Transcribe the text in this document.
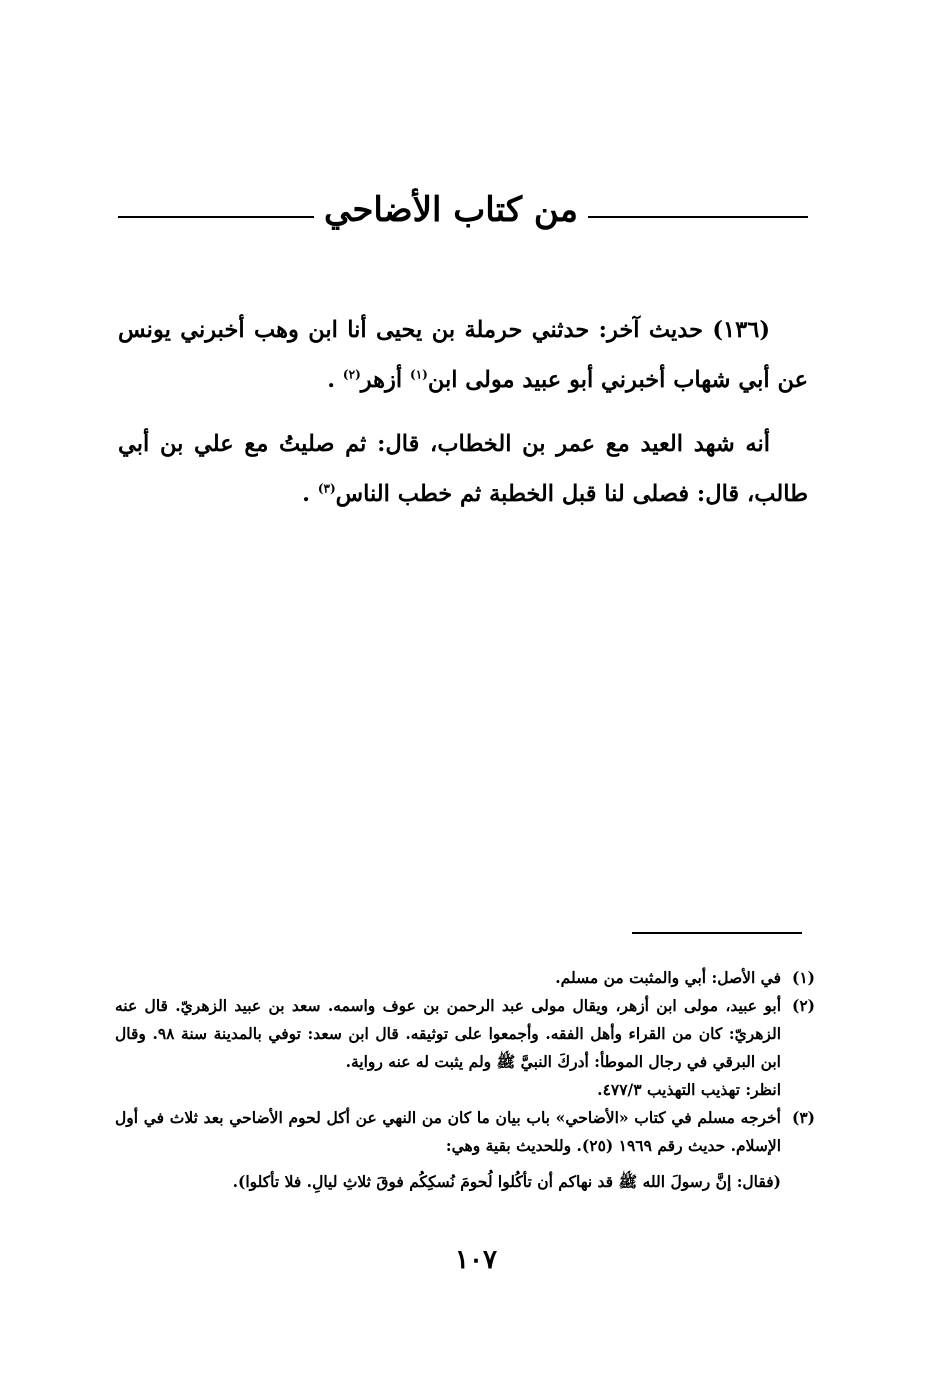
من كتاب الأضاحي

(١٣٦) حديث آخر: حدثني حرملة بن يحيى أنا ابن وهب أخبرني يونس عن أبي شهاب أخبرني أبو عبيد مولى ابن$^{(١)}$ أزهر$^{(٢)}$ .

أنه شهد العيد مع عمر بن الخطاب، قال: ثم صليتُ مع علي بن أبي طالب، قال: فصلى لنا قبل الخطبة ثم خطب الناس$^{(٣)}$ .

(١)
في الأصل: أبي والمثبت من مسلم.
(٢)
أبو عبيد، مولى ابن أزهر، ويقال مولى عبد الرحمن بن عوف واسمه. سعد بن عبيد الزهريّ. قال عنه الزهريّ: كان من القراء وأهل الفقه. وأجمعوا على توثيقه. قال ابن سعد: توفي بالمدينة سنة ٩٨. وقال ابن البرقي في رجال الموطأ: أدركَ النبيَّ ﷺ ولم يثبت له عنه رواية.
انظر: تهذيب التهذيب ٤٧٧/٣.
(٣)
أخرجه مسلم في كتاب «الأضاحي» باب بيان ما كان من النهي عن أكل لحوم الأضاحي بعد ثلاث في أول الإسلام. حديث رقم ١٩٦٩ (٢٥). وللحديث بقية وهي:
(فقال: إنَّ رسولَ الله ﷺ قد نهاكم أن تأكُلوا لُحومَ نُسكِكُم فوقَ ثلاثِ ليالِ. فلا تأكلوا).
١٠٧
